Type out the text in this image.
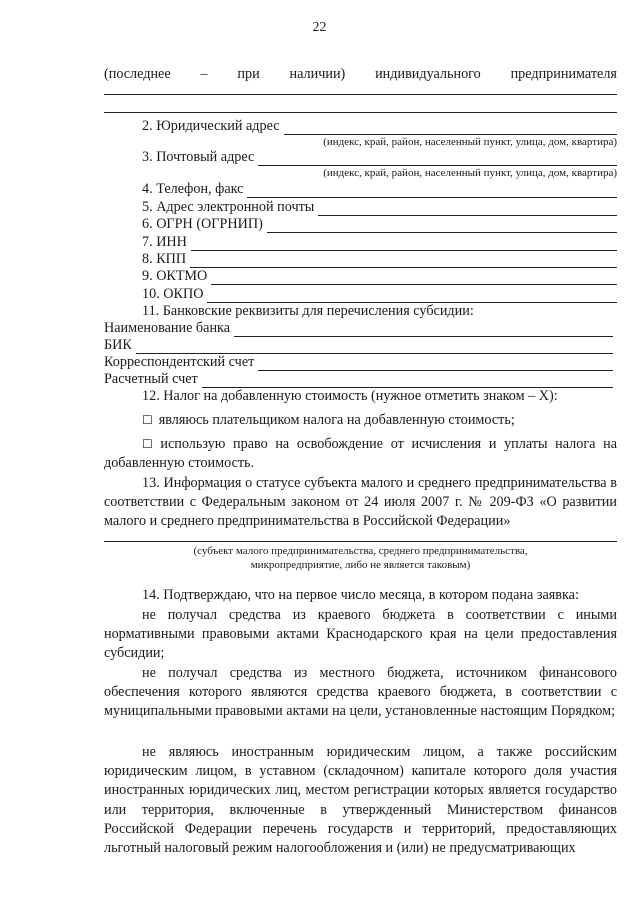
22
(последнее – при наличии) индивидуального предпринимателя
2. Юридический адрес
(индекс, край, район, населенный пункт, улица, дом, квартира)
3. Почтовый адрес
(индекс, край, район, населенный пункт, улица, дом, квартира)
4. Телефон, факс
5. Адрес электронной почты
6. ОГРН (ОГРНИП)
7. ИНН
8. КПП
9. ОКТМО
10. ОКПО
11. Банковские реквизиты для перечисления субсидии:
Наименование банка
БИК
Корреспондентский счет
Расчетный счет
12. Налог на добавленную стоимость (нужное отметить знаком – Х):
☐ являюсь плательщиком налога на добавленную стоимость;
☐ использую право на освобождение от исчисления и уплаты налога на добавленную стоимость.
13. Информация о статусе субъекта малого и среднего предпринимательства в соответствии с Федеральным законом от 24 июля 2007 г. № 209-ФЗ «О развитии малого и среднего предпринимательства в Российской Федерации»
(субъект малого предпринимательства, среднего предпринимательства,
микропредприятие, либо не является таковым)
14. Подтверждаю, что на первое число месяца, в котором подана заявка:
не получал средства из краевого бюджета в соответствии с иными нормативными правовыми актами Краснодарского края на цели предоставления субсидии;
не получал средства из местного бюджета, источником финансового обеспечения которого являются средства краевого бюджета, в соответствии с муниципальными правовыми актами на цели, установленные настоящим Порядком;
не являюсь иностранным юридическим лицом, а также российским юридическим лицом, в уставном (складочном) капитале которого доля участия иностранных юридических лиц, местом регистрации которых является государство или территория, включенные в утвержденный Министерством финансов Российской Федерации перечень государств и территорий, предоставляющих льготный налоговый режим налогообложения и (или) не предусматривающих
